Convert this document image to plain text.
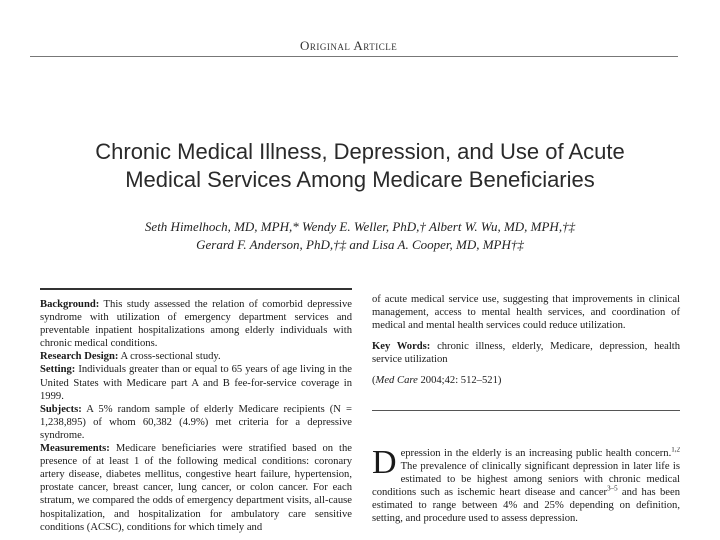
Original Article
Chronic Medical Illness, Depression, and Use of Acute
Medical Services Among Medicare Beneficiaries
Seth Himelhoch, MD, MPH,* Wendy E. Weller, PhD,† Albert W. Wu, MD, MPH,†‡
Gerard F. Anderson, PhD,†‡ and Lisa A. Cooper, MD, MPH†‡

Background: This study assessed the relation of comorbid depressive syndrome with utilization of emergency department services and preventable inpatient hospitalizations among elderly individuals with chronic medical conditions.

Research Design: A cross-sectional study.

Setting: Individuals greater than or equal to 65 years of age living in the United States with Medicare part A and B fee-for-service coverage in 1999.

Subjects: A 5% random sample of elderly Medicare recipients (N = 1,238,895) of whom 60,382 (4.9%) met criteria for a depressive syndrome.

Measurements: Medicare beneficiaries were stratified based on the presence of at least 1 of the following medical conditions: coronary artery disease, diabetes mellitus, congestive heart failure, hypertension, prostate cancer, breast cancer, lung cancer, or colon cancer. For each stratum, we compared the odds of emergency department visits, all-cause hospitalization, and hospitalization for ambulatory care sensitive conditions (ACSC), conditions for which timely and

of acute medical service use, suggesting that improvements in clinical management, access to mental health services, and coordination of medical and mental health services could reduce utilization.

Key Words: chronic illness, elderly, Medicare, depression, health service utilization

(Med Care 2004;42: 512–521)

Depression in the elderly is an increasing public health concern.$^{1,2}$ The prevalence of clinically significant depression in later life is estimated to be highest among seniors with chronic medical conditions such as ischemic heart disease and cancer$^{3-5}$ and has been estimated to range between 4% and 25% depending on definition, setting, and procedure used to assess depression.
